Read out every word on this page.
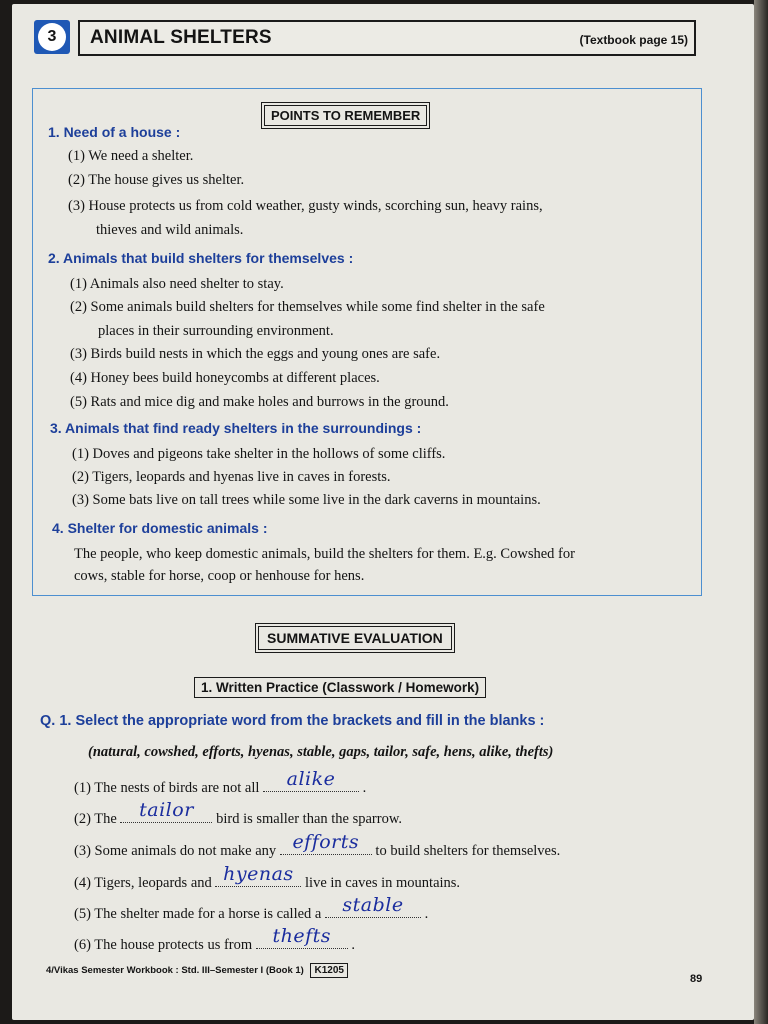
3	ANIMAL SHELTERS	(Textbook page 15)
POINTS TO REMEMBER
1. Need of a house :
(1) We need a shelter.
(2) The house gives us shelter.
(3) House protects us from cold weather, gusty winds, scorching sun, heavy rains,
thieves and wild animals.
2. Animals that build shelters for themselves :
(1) Animals also need shelter to stay.
(2) Some animals build shelters for themselves while some find shelter in the safe
places in their surrounding environment.
(3) Birds build nests in which the eggs and young ones are safe.
(4) Honey bees build honeycombs at different places.
(5) Rats and mice dig and make holes and burrows in the ground.
3. Animals that find ready shelters in the surroundings :
(1) Doves and pigeons take shelter in the hollows of some cliffs.
(2) Tigers, leopards and hyenas live in caves in forests.
(3) Some bats live on tall trees while some live in the dark caverns in mountains.
4. Shelter for domestic animals :
The people, who keep domestic animals, build the shelters for them. E.g. Cowshed for
cows, stable for horse, coop or henhouse for hens.
SUMMATIVE EVALUATION
1. Written Practice (Classwork / Homework)
Q. 1. Select the appropriate word from the brackets and fill in the blanks :
(natural, cowshed, efforts, hyenas, stable, gaps, tailor, safe, hens, alike, thefts)
(1) The nests of birds are not all	alike	.
(2) The	tailor	bird is smaller than the sparrow.
(3) Some animals do not make any efforts	to build shelters for themselves.
(4) Tigers, leopards and hyenas live in caves in mountains.
(5) The shelter made for a horse is called a	stable	.
(6) The house protects us from	thefts	.
4/Vikas Semester Workbook : Std. III–Semester I (Book 1) K1205
89
